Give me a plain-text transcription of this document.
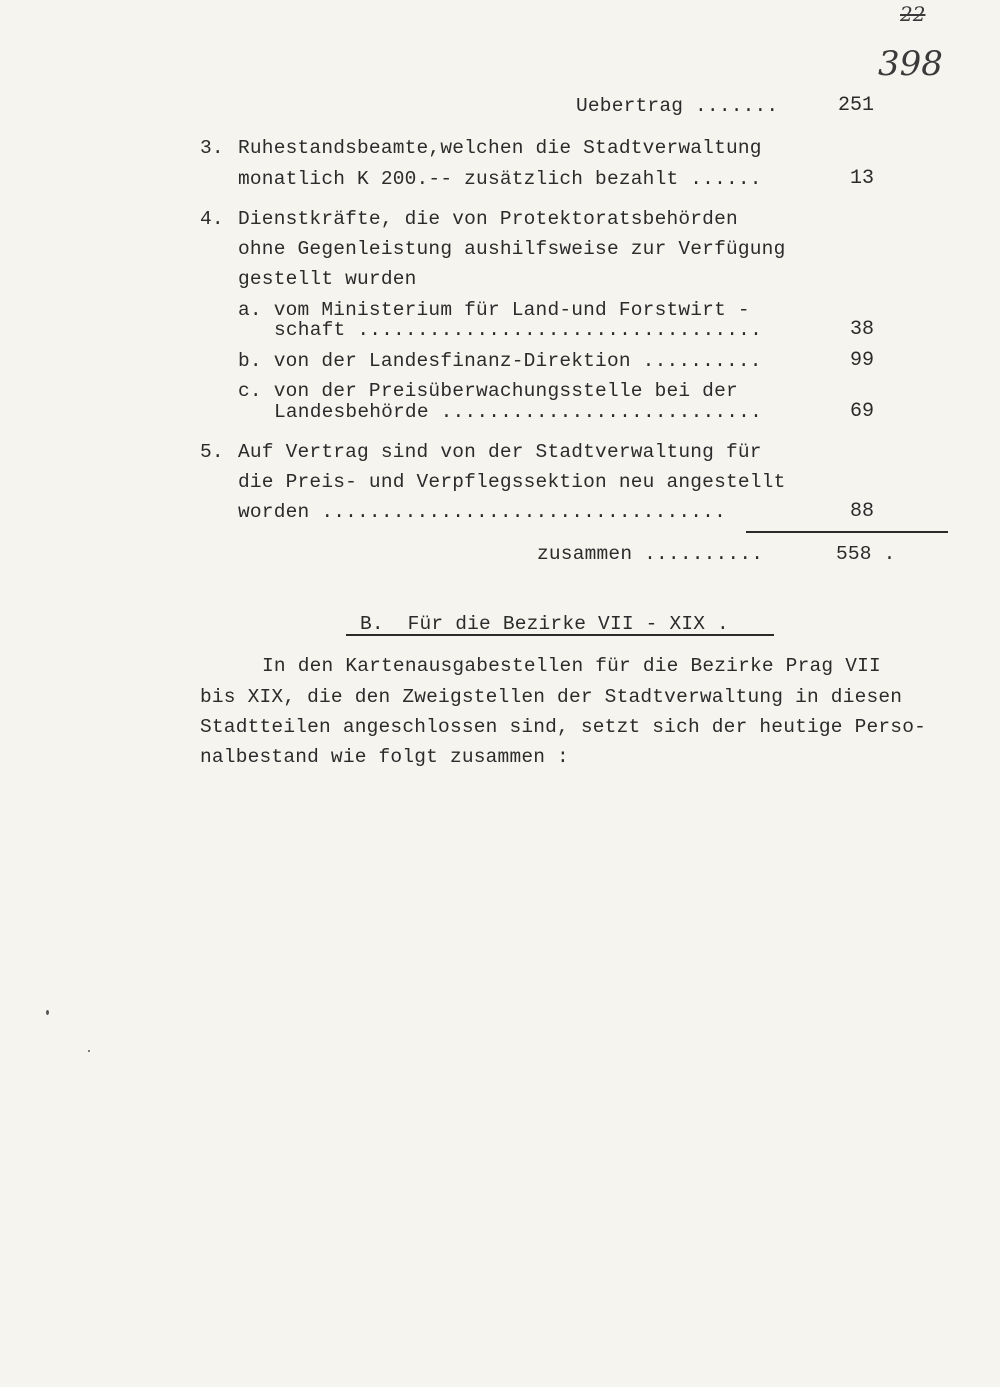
22
398
Uebertrag .......	251
3. Ruhestandsbeamte,welchen die Stadtverwaltung
monatlich K 200.-- zusätzlich bezahlt ......	13
4. Dienstkräfte, die von Protektoratsbehörden
ohne Gegenleistung aushilfsweise zur Verfügung
gestellt wurden
a. vom Ministerium für Land-und Forstwirt -
schaft ..................................	38
b. von der Landesfinanz-Direktion ..........	99
c. von der Preisüberwachungsstelle bei der
Landesbehörde ...........................	69
5. Auf Vertrag sind von der Stadtverwaltung für
die Preis- und Verpflegssektion neu angestellt
worden ..................................	88
zusammen ..........	558 .
B.  Für die Bezirke VII - XIX .
In den Kartenausgabestellen für die Bezirke Prag VII
bis XIX, die den Zweigstellen der Stadtverwaltung in diesen
Stadtteilen angeschlossen sind, setzt sich der heutige Perso-
nalbestand wie folgt zusammen :
